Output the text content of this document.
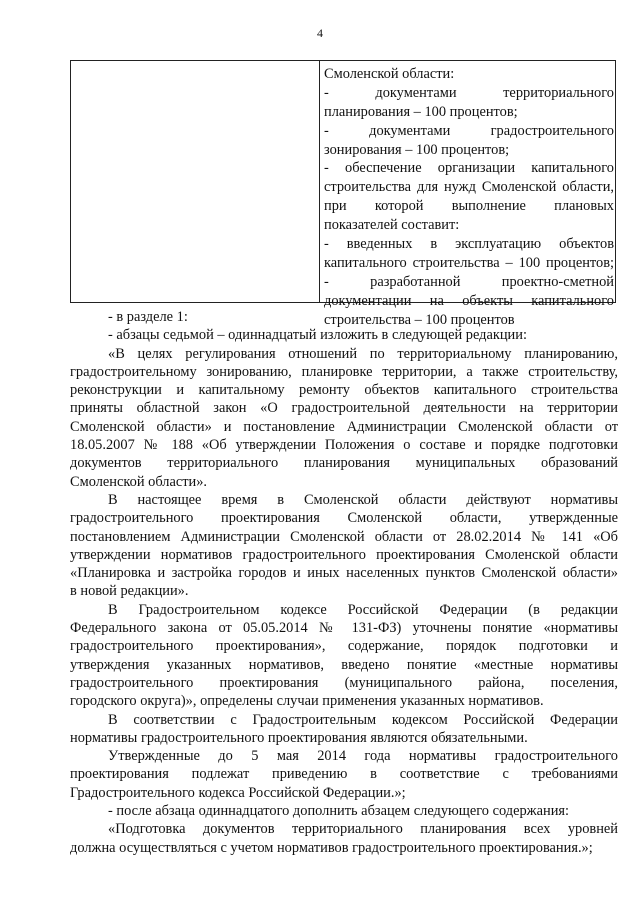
4
Смоленской области:
- документами территориального
планирования – 100 процентов;
- документами градостроительного
зонирования – 100 процентов;
- обеспечение организации капитального
строительства для нужд Смоленской области,
при которой выполнение плановых
показателей составит:
- введенных в эксплуатацию объектов
капитального строительства – 100 процентов;
- разработанной проектно-сметной
документации на объекты капитального
строительства – 100 процентов
- в разделе 1:
- абзацы седьмой – одиннадцатый изложить в следующей редакции:
«В целях регулирования отношений по территориальному планированию,
градостроительному зонированию, планировке территории, а также строительству,
реконструкции и капитальному ремонту объектов капитального строительства
приняты областной закон «О градостроительной деятельности на территории
Смоленской области» и постановление Администрации Смоленской области от
18.05.2007 № 188 «Об утверждении Положения о составе и порядке подготовки
документов территориального планирования муниципальных образований
Смоленской области».
В настоящее время в Смоленской области действуют нормативы
градостроительного проектирования Смоленской области, утвержденные
постановлением Администрации Смоленской области от 28.02.2014 № 141 «Об
утверждении нормативов градостроительного проектирования Смоленской области
«Планировка и застройка городов и иных населенных пунктов Смоленской области»
в новой редакции».
В Градостроительном кодексе Российской Федерации (в редакции
Федерального закона от 05.05.2014 № 131-ФЗ) уточнены понятие «нормативы
градостроительного проектирования», содержание, порядок подготовки и
утверждения указанных нормативов, введено понятие «местные нормативы
градостроительного проектирования (муниципального района, поселения,
городского округа)», определены случаи применения указанных нормативов.
В соответствии с Градостроительным кодексом Российской Федерации
нормативы градостроительного проектирования являются обязательными.
Утвержденные до 5 мая 2014 года нормативы градостроительного
проектирования подлежат приведению в соответствие с требованиями
Градостроительного кодекса Российской Федерации.»;
- после абзаца одиннадцатого дополнить абзацем следующего содержания:
«Подготовка документов территориального планирования всех уровней
должна осуществляться с учетом нормативов градостроительного проектирования.»;
